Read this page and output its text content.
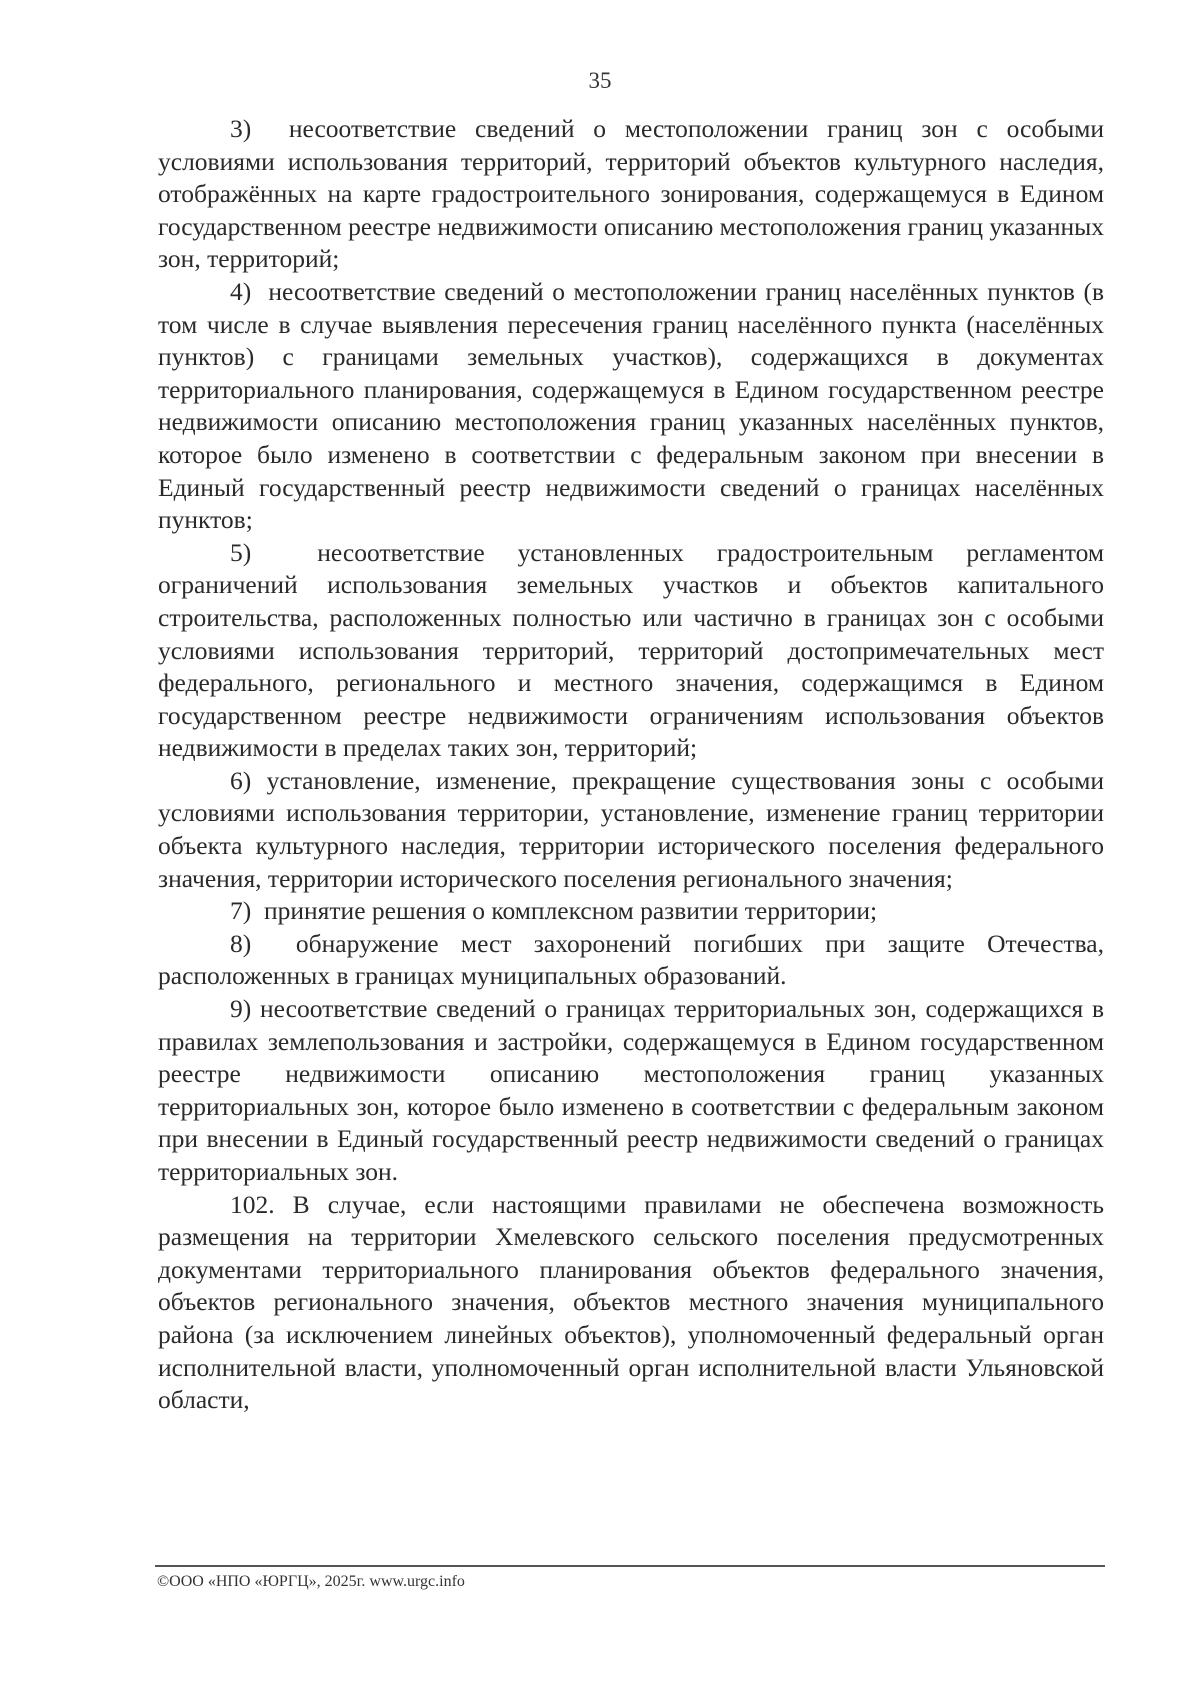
35

3)  несоответствие сведений о местоположении границ зон с особыми условиями использования территорий, территорий объектов культурного наследия, отображённых на карте градостроительного зонирования, содержащемуся в Едином государственном реестре недвижимости описанию местоположения границ указанных зон, территорий;

4)  несоответствие сведений о местоположении границ населённых пунктов (в том числе в случае выявления пересечения границ населённого пункта (населённых пунктов) с границами земельных участков), содержащихся в документах территориального планирования, содержащемуся в Едином государственном реестре недвижимости описанию местоположения границ указанных населённых пунктов, которое было изменено в соответствии с федеральным законом при внесении в Единый государственный реестр недвижимости сведений о границах населённых пунктов;

5)  несоответствие установленных градостроительным регламентом ограничений использования земельных участков и объектов капитального строительства, расположенных полностью или частично в границах зон с особыми условиями использования территорий, территорий достопримечательных мест федерального, регионального и местного значения, содержащимся в Едином государственном реестре недвижимости ограничениям использования объектов недвижимости в пределах таких зон, территорий;

6) установление, изменение, прекращение существования зоны с особыми условиями использования территории, установление, изменение границ территории объекта культурного наследия, территории исторического поселения федерального значения, территории исторического поселения регионального значения;

7)  принятие решения о комплексном развитии территории;

8)  обнаружение мест захоронений погибших при защите Отечества, расположенных в границах муниципальных образований.

9) несоответствие сведений о границах территориальных зон, содержащихся в правилах землепользования и застройки, содержащемуся в Едином государственном реестре недвижимости описанию местоположения границ указанных территориальных зон, которое было изменено в соответствии с федеральным законом при внесении в Единый государственный реестр недвижимости сведений о границах территориальных зон.

102. В случае, если настоящими правилами не обеспечена возможность размещения на территории Хмелевского сельского поселения предусмотренных документами территориального планирования объектов федерального значения, объектов регионального значения, объектов местного значения муниципального района (за исключением линейных объектов), уполномоченный федеральный орган исполнительной власти, уполномоченный орган исполнительной власти Ульяновской области,

©ООО «НПО «ЮРГЦ», 2025г. www.urgc.info
